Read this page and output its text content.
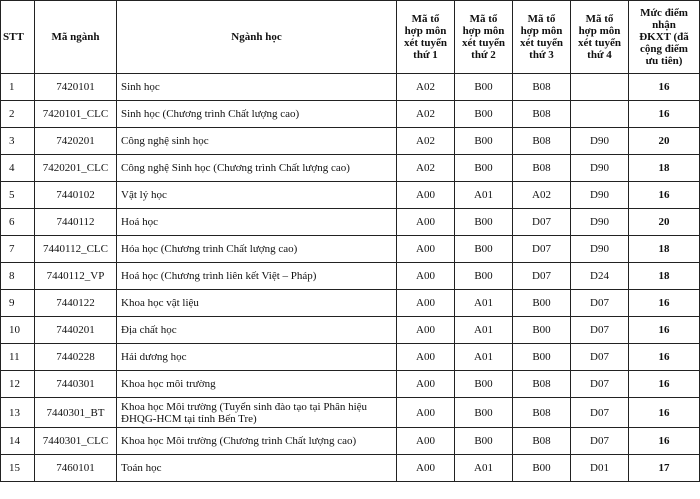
STT	Mã ngành	Ngành học	Mã tổ
hợp môn
xét tuyển
thứ 1	Mã tổ
hợp môn
xét tuyển
thứ 2	Mã tổ
hợp môn
xét tuyển
thứ 3	Mã tổ
hợp môn
xét tuyển
thứ 4	Mức điểm
nhận
ĐKXT (đã
cộng điểm
ưu tiên)

1	7420101	Sinh học	A02	B00	B08		16
2	7420101_CLC	Sinh học (Chương trình Chất lượng cao)	A02	B00	B08		16
3	7420201	Công nghệ sinh học	A02	B00	B08	D90	20
4	7420201_CLC	Công nghệ Sinh học (Chương trình Chất lượng cao)	A02	B00	B08	D90	18
5	7440102	Vật lý học	A00	A01	A02	D90	16
6	7440112	Hoá học	A00	B00	D07	D90	20
7	7440112_CLC	Hóa học (Chương trình Chất lượng cao)	A00	B00	D07	D90	18
8	7440112_VP	Hoá học (Chương trình liên kết Việt – Pháp)	A00	B00	D07	D24	18
9	7440122	Khoa học vật liệu	A00	A01	B00	D07	16
10	7440201	Địa chất học	A00	A01	B00	D07	16
11	7440228	Hải dương học	A00	A01	B00	D07	16
12	7440301	Khoa học môi trường	A00	B00	B08	D07	16
13	7440301_BT	Khoa học Môi trường (Tuyển sinh đào tạo tại Phân hiệu ĐHQG-HCM tại tỉnh Bến Tre)	A00	B00	B08	D07	16
14	7440301_CLC	Khoa học Môi trường (Chương trình Chất lượng cao)	A00	B00	B08	D07	16
15	7460101	Toán học	A00	A01	B00	D01	17
